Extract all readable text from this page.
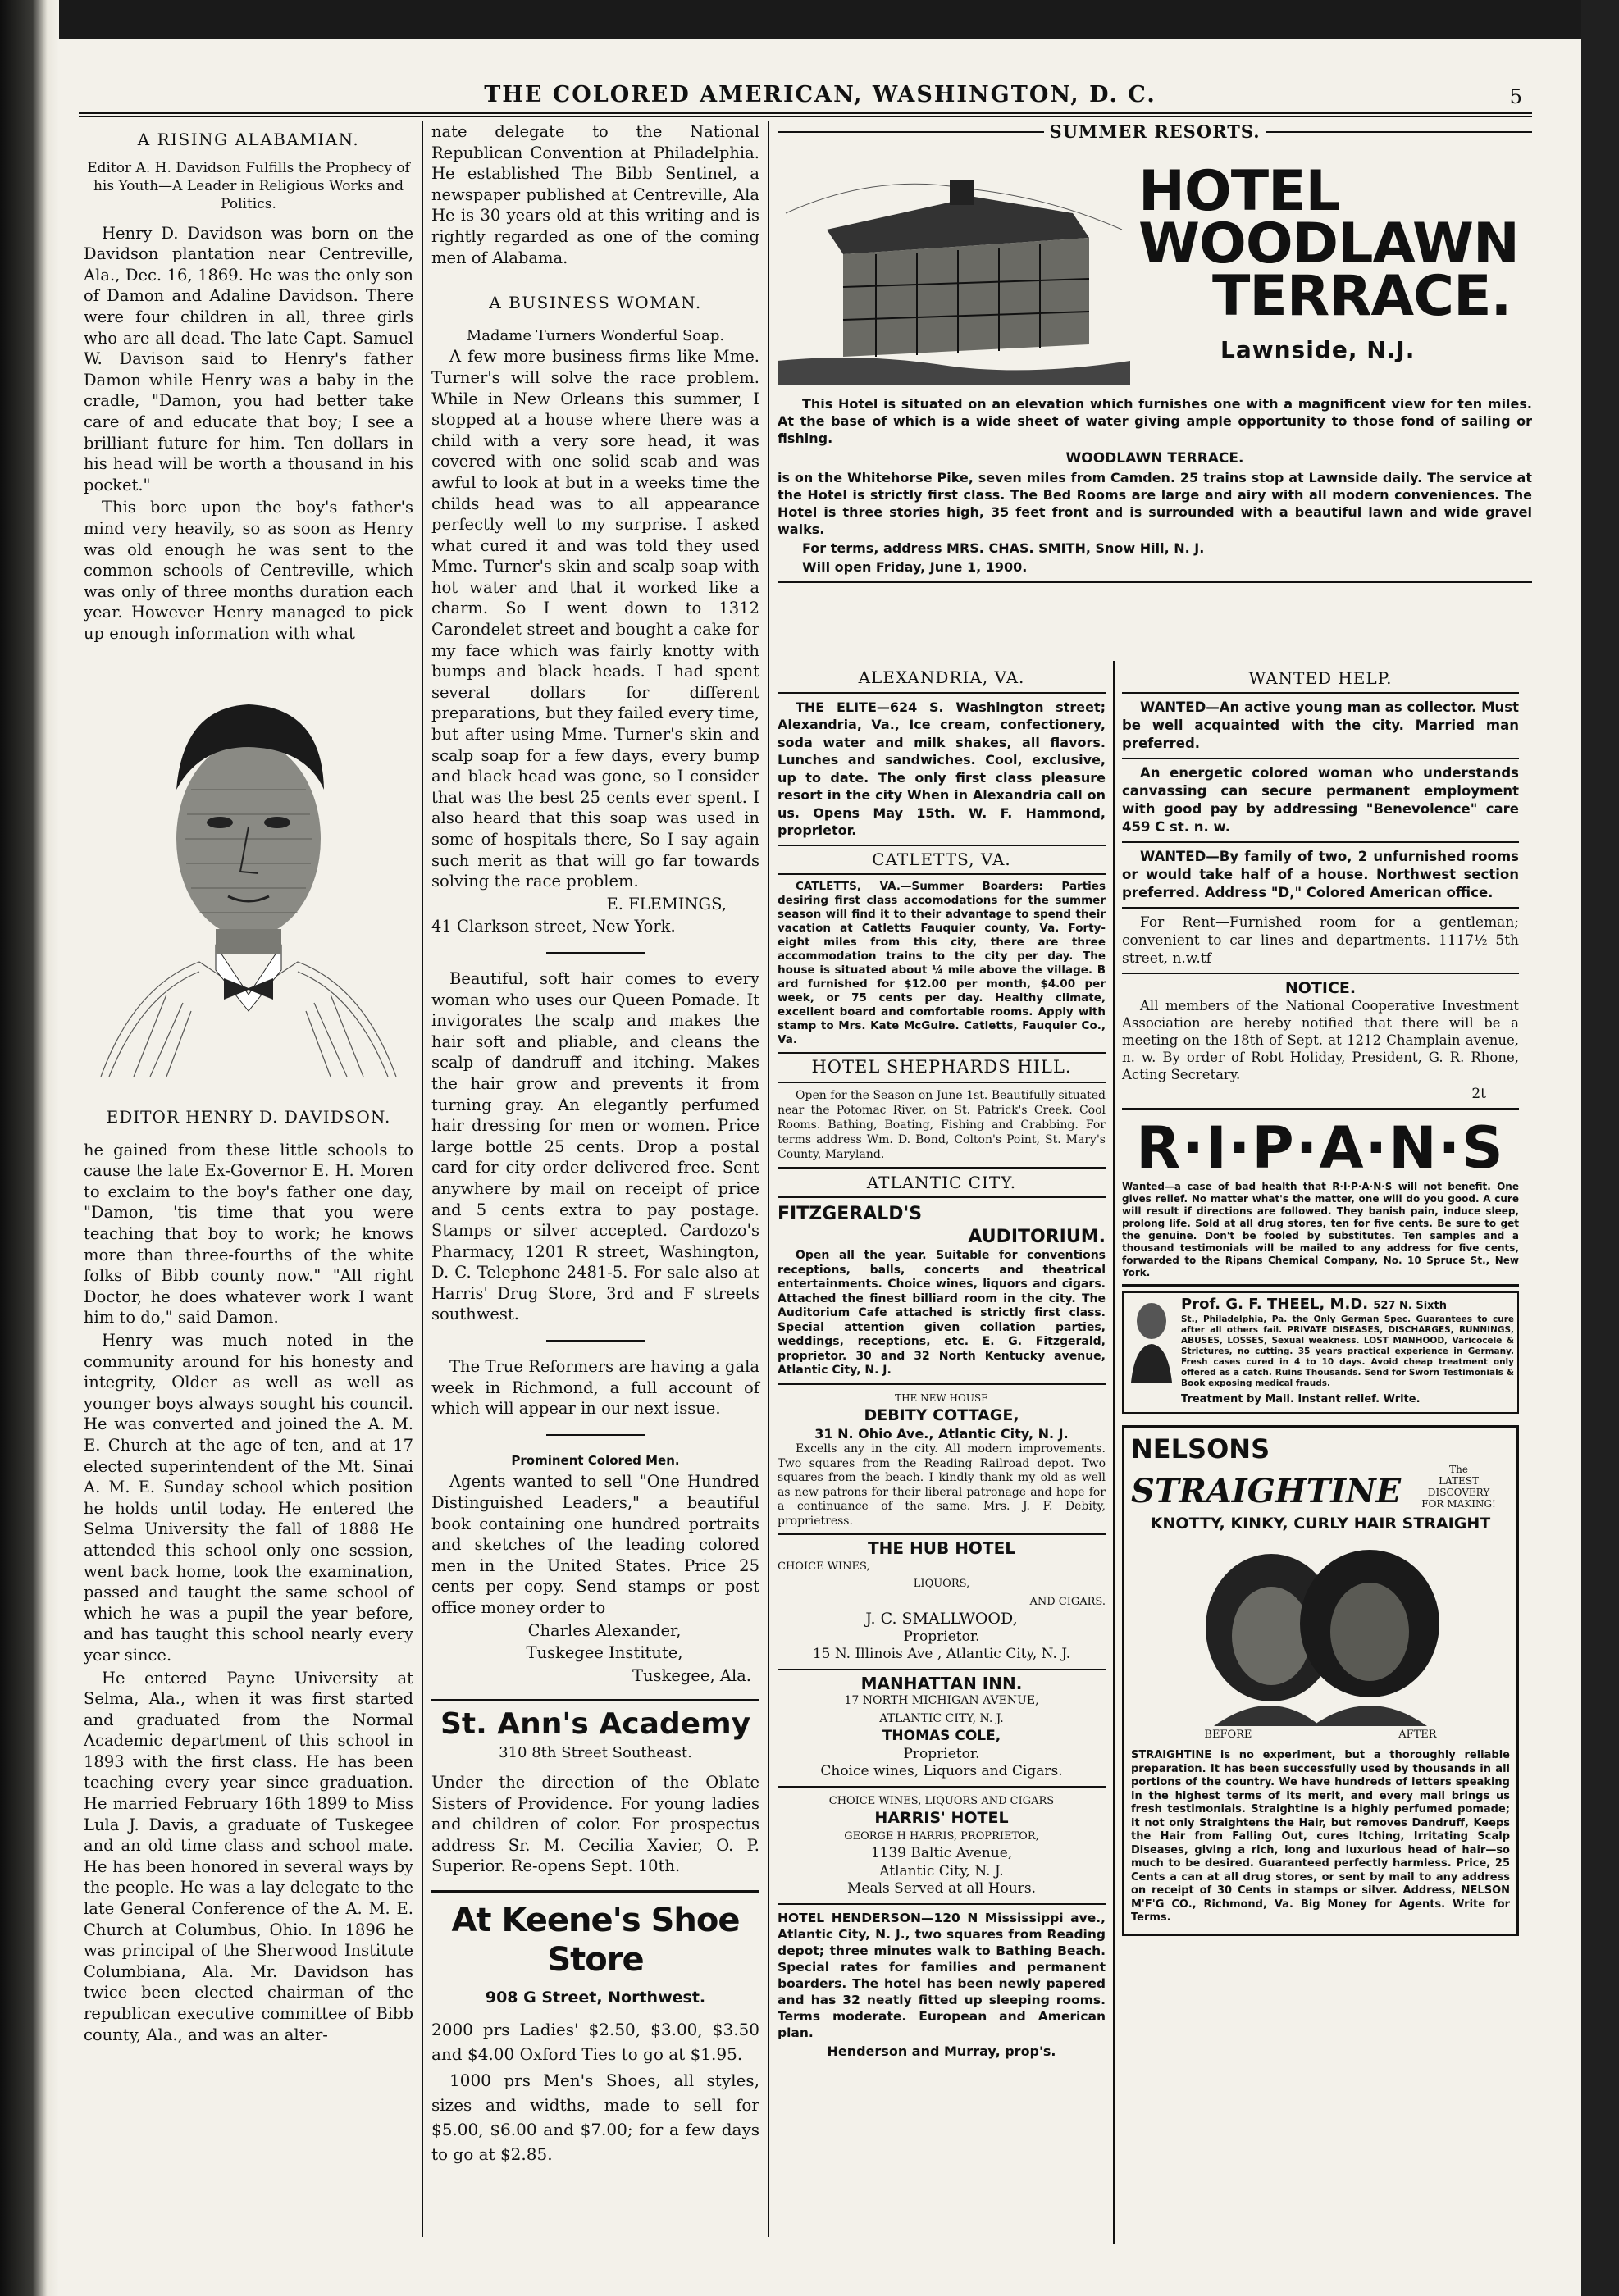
THE COLORED AMERICAN, WASHINGTON, D. C.	5
A RISING ALABAMIAN.
Editor A. H. Davidson Fulfills the Prophecy of his Youth—A Leader in Religious Works and Politics.

Henry D. Davidson was born on the Davidson plantation near Centreville, Ala., Dec. 16, 1869. He was the only son of Damon and Adaline Davidson. There were four children in all, three girls who are all dead. The late Capt. Samuel W. Davison said to Henry's father Damon while Henry was a baby in the cradle, "Damon, you had better take care of and educate that boy; I see a brilliant future for him. Ten dollars in his head will be worth a thousand in his pocket."

This bore upon the boy's father's mind very heavily, so as soon as Henry was old enough he was sent to the common schools of Centreville, which was only of three months duration each year. However Henry managed to pick up enough information with what

EDITOR HENRY D. DAVIDSON.

he gained from these little schools to cause the late Ex-Governor E. H. Moren to exclaim to the boy's father one day, "Damon, 'tis time that you were teaching that boy to work; he knows more than three-fourths of the white folks of Bibb county now." "All right Doctor, he does whatever work I want him to do," said Damon.

Henry was much noted in the community around for his honesty and integrity, Older as well as well as younger boys always sought his council. He was converted and joined the A. M. E. Church at the age of ten, and at 17 elected superintendent of the Mt. Sinai A. M. E. Sunday school which position he holds until today. He entered the Selma University the fall of 1888 He attended this school only one session, went back home, took the examination, passed and taught the same school of which he was a pupil the year before, and has taught this school nearly every year since.

He entered Payne University at Selma, Ala., when it was first started and graduated from the Normal Academic department of this school in 1893 with the first class. He has been teaching every year since graduation. He married February 16th 1899 to Miss Lula J. Davis, a graduate of Tuskegee and an old time class and school mate. He has been honored in several ways by the people. He was a lay delegate to the late General Conference of the A. M. E. Church at Columbus, Ohio. In 1896 he was principal of the Sherwood Institute Columbiana, Ala. Mr. Davidson has twice been elected chairman of the republican executive committee of Bibb county, Ala., and was an alter-

nate delegate to the National Republican Convention at Philadelphia. He established The Bibb Sentinel, a newspaper published at Centreville, Ala He is 30 years old at this writing and is rightly regarded as one of the coming men of Alabama.

A BUSINESS WOMAN.
Madame Turners Wonderful Soap.

A few more business firms like Mme. Turner's will solve the race problem. While in New Orleans this summer, I stopped at a house where there was a child with a very sore head, it was covered with one solid scab and was awful to look at but in a weeks time the childs head was to all appearance perfectly well to my surprise. I asked what cured it and was told they used Mme. Turner's skin and scalp soap with hot water and that it worked like a charm. So I went down to 1312 Carondelet street and bought a cake for my face which was fairly knotty with bumps and black heads. I had spent several dollars for different preparations, but they failed every time, but after using Mme. Turner's skin and scalp soap for a few days, every bump and black head was gone, so I consider that was the best 25 cents ever spent. I also heard that this soap was used in some of hospitals there, So I say again such merit as that will go far towards solving the race problem.

E. FLEMINGS,

41 Clarkson street, New York.

Beautiful, soft hair comes to every woman who uses our Queen Pomade. It invigorates the scalp and makes the hair soft and pliable, and cleans the scalp of dandruff and itching. Makes the hair grow and prevents it from turning gray. An elegantly perfumed hair dressing for men or women. Price large bottle 25 cents. Drop a postal card for city order delivered free. Sent anywhere by mail on receipt of price and 5 cents extra to pay postage. Stamps or silver accepted. Cardozo's Pharmacy, 1201 R street, Washington, D. C. Telephone 2481-5. For sale also at Harris' Drug Store, 3rd and F streets southwest.

The True Reformers are having a gala week in Richmond, a full account of which will appear in our next issue.

Prominent Colored Men.

Agents wanted to sell "One Hundred Distinguished Leaders," a beautiful book containing one hundred portraits and sketches of the leading colored men in the United States. Price 25 cents per copy. Send stamps or post office money order to

Charles Alexander,

Tuskegee Institute,

Tuskegee, Ala.

St. Ann's Academy
310 8th Street Southeast.

Under the direction of the Oblate Sisters of Providence. For young ladies and children of color. For prospectus address Sr. M. Cecilia Xavier, O. P. Superior. Re-opens Sept. 10th.

At Keene's Shoe Store
908 G Street, Northwest.

2000 prs Ladies' $2.50, $3.00, $3.50 and $4.00 Oxford Ties to go at $1.95.

1000 prs Men's Shoes, all styles, sizes and widths, made to sell for $5.00, $6.00 and $7.00; for a few days to go at $2.85.

SUMMER RESORTS.
HOTEL
WOODLAWN
TERRACE.
Lawnside, N.J.

This Hotel is situated on an elevation which furnishes one with a magnificent view for ten miles. At the base of which is a wide sheet of water giving ample opportunity to those fond of sailing or fishing.

WOODLAWN TERRACE.

is on the Whitehorse Pike, seven miles from Camden. 25 trains stop at Lawnside daily. The service at the Hotel is strictly first class. The Bed Rooms are large and airy with all modern conveniences. The Hotel is three stories high, 35 feet front and is surrounded with a beautiful lawn and wide gravel walks.

For terms, address MRS. CHAS. SMITH, Snow Hill, N. J.

Will open Friday, June 1, 1900.

ALEXANDRIA, VA.

THE ELITE—624 S. Washington street; Alexandria, Va., Ice cream, confectionery, soda water and milk shakes, all flavors. Lunches and sandwiches. Cool, exclusive, up to date. The only first class pleasure resort in the city When in Alexandria call on us. Opens May 15th. W. F. Hammond, proprietor.

CATLETTS, VA.

CATLETTS, VA.—Summer Boarders: Parties desiring first class accomodations for the summer season will find it to their advantage to spend their vacation at Catletts Fauquier county, Va. Forty-eight miles from this city, there are three accommodation trains to the city per day. The house is situated about ¼ mile above the village. B ard furnished for $12.00 per month, $4.00 per week, or 75 cents per day. Healthy climate, excellent board and comfortable rooms. Apply with stamp to Mrs. Kate McGuire. Catletts, Fauquier Co., Va.

HOTEL SHEPHARDS HILL.

Open for the Season on June 1st. Beautifully situated near the Potomac River, on St. Patrick's Creek. Cool Rooms. Bathing, Boating, Fishing and Crabbing. For terms address Wm. D. Bond, Colton's Point, St. Mary's County, Maryland.

ATLANTIC CITY.
FITZGERALD'S
AUDITORIUM.

Open all the year. Suitable for conventions receptions, balls, concerts and theatrical entertainments. Choice wines, liquors and cigars. Attached the finest billiard room in the city. The Auditorium Cafe attached is strictly first class. Special attention given collation parties, weddings, receptions, etc. E. G. Fitzgerald, proprietor. 30 and 32 North Kentucky avenue, Atlantic City, N. J.

THE NEW HOUSE
DEBITY COTTAGE,
31 N. Ohio Ave., Atlantic City, N. J.

Excells any in the city. All modern improvements. Two squares from the Reading Railroad depot. Two squares from the beach. I kindly thank my old as well as new patrons for their liberal patronage and hope for a continuance of the same. Mrs. J. F. Debity, proprietress.

THE HUB HOTEL
CHOICE WINES,
LIQUORS,
AND CIGARS.
J. C. SMALLWOOD,
Proprietor.
15 N. Illinois Ave , Atlantic City, N. J.
MANHATTAN INN.
17 NORTH MICHIGAN AVENUE,
ATLANTIC CITY, N. J.
THOMAS COLE,
Proprietor.
Choice wines, Liquors and Cigars.
CHOICE WINES, LIQUORS AND CIGARS
HARRIS' HOTEL
GEORGE H HARRIS, PROPRIETOR,
1139 Baltic Avenue,
Atlantic City, N. J.
Meals Served at all Hours.

HOTEL HENDERSON—120 N Mississippi ave., Atlantic City, N. J., two squares from Reading depot; three minutes walk to Bathing Beach. Special rates for families and permanent boarders. The hotel has been newly papered and has 32 neatly fitted up sleeping rooms. Terms moderate. European and American plan.

Henderson and Murray, prop's.
WANTED HELP.

WANTED—An active young man as collector. Must be well acquainted with the city. Married man preferred.

An energetic colored woman who understands canvassing can secure permanent employment with good pay by addressing "Benevolence" care 459 C st. n. w.

WANTED—By family of two, 2 unfurnished rooms or would take half of a house. Northwest section preferred. Address "D," Colored American office.

For Rent—Furnished room for a gentleman; convenient to car lines and departments. 1117½ 5th street, n.w.tf

NOTICE.

All members of the National Cooperative Investment Association are hereby notified that there will be a meeting on the 18th of Sept. at 1212 Champlain avenue, n. w. By order of Robt Holiday, President, G. R. Rhone, Acting Secretary.

2t
R·I·P·A·N·S

Wanted—a case of bad health that R·I·P·A·N·S will not benefit. One gives relief. No matter what's the matter, one will do you good. A cure will result if directions are followed. They banish pain, induce sleep, prolong life. Sold at all drug stores, ten for five cents. Be sure to get the genuine. Don't be fooled by substitutes. Ten samples and a thousand testimonials will be mailed to any address for five cents, forwarded to the Ripans Chemical Company, No. 10 Spruce St., New York.

Prof. G. F. THEEL, M.D. 527 N. Sixth

St., Philadelphia, Pa. the Only German Spec. Guarantees to cure after all others fail. PRIVATE DISEASES, DISCHARGES, RUNNINGS, ABUSES, LOSSES, Sexual weakness. LOST MANHOOD, Varicocele & Strictures, no cutting. 35 years practical experience in Germany. Fresh cases cured in 4 to 10 days. Avoid cheap treatment only offered as a catch. Ruins Thousands. Send for Sworn Testimonials & Book exposing medical frauds.

Treatment by Mail. Instant relief. Write.
NELSONS
STRAIGHTINE
The
LATEST DISCOVERY
FOR MAKING!
KNOTTY, KINKY, CURLY HAIR STRAIGHT
BEFORE	AFTER

STRAIGHTINE is no experiment, but a thoroughly reliable preparation. It has been successfully used by thousands in all portions of the country. We have hundreds of letters speaking in the highest terms of its merit, and every mail brings us fresh testimonials. Straightine is a highly perfumed pomade; it not only Straightens the Hair, but removes Dandruff, Keeps the Hair from Falling Out, cures Itching, Irritating Scalp Diseases, giving a rich, long and luxurious head of hair—so much to be desired. Guaranteed perfectly harmless. Price, 25 Cents a can at all drug stores, or sent by mail to any address on receipt of 30 Cents in stamps or silver. Address, NELSON M'F'G CO., Richmond, Va. Big Money for Agents. Write for Terms.
